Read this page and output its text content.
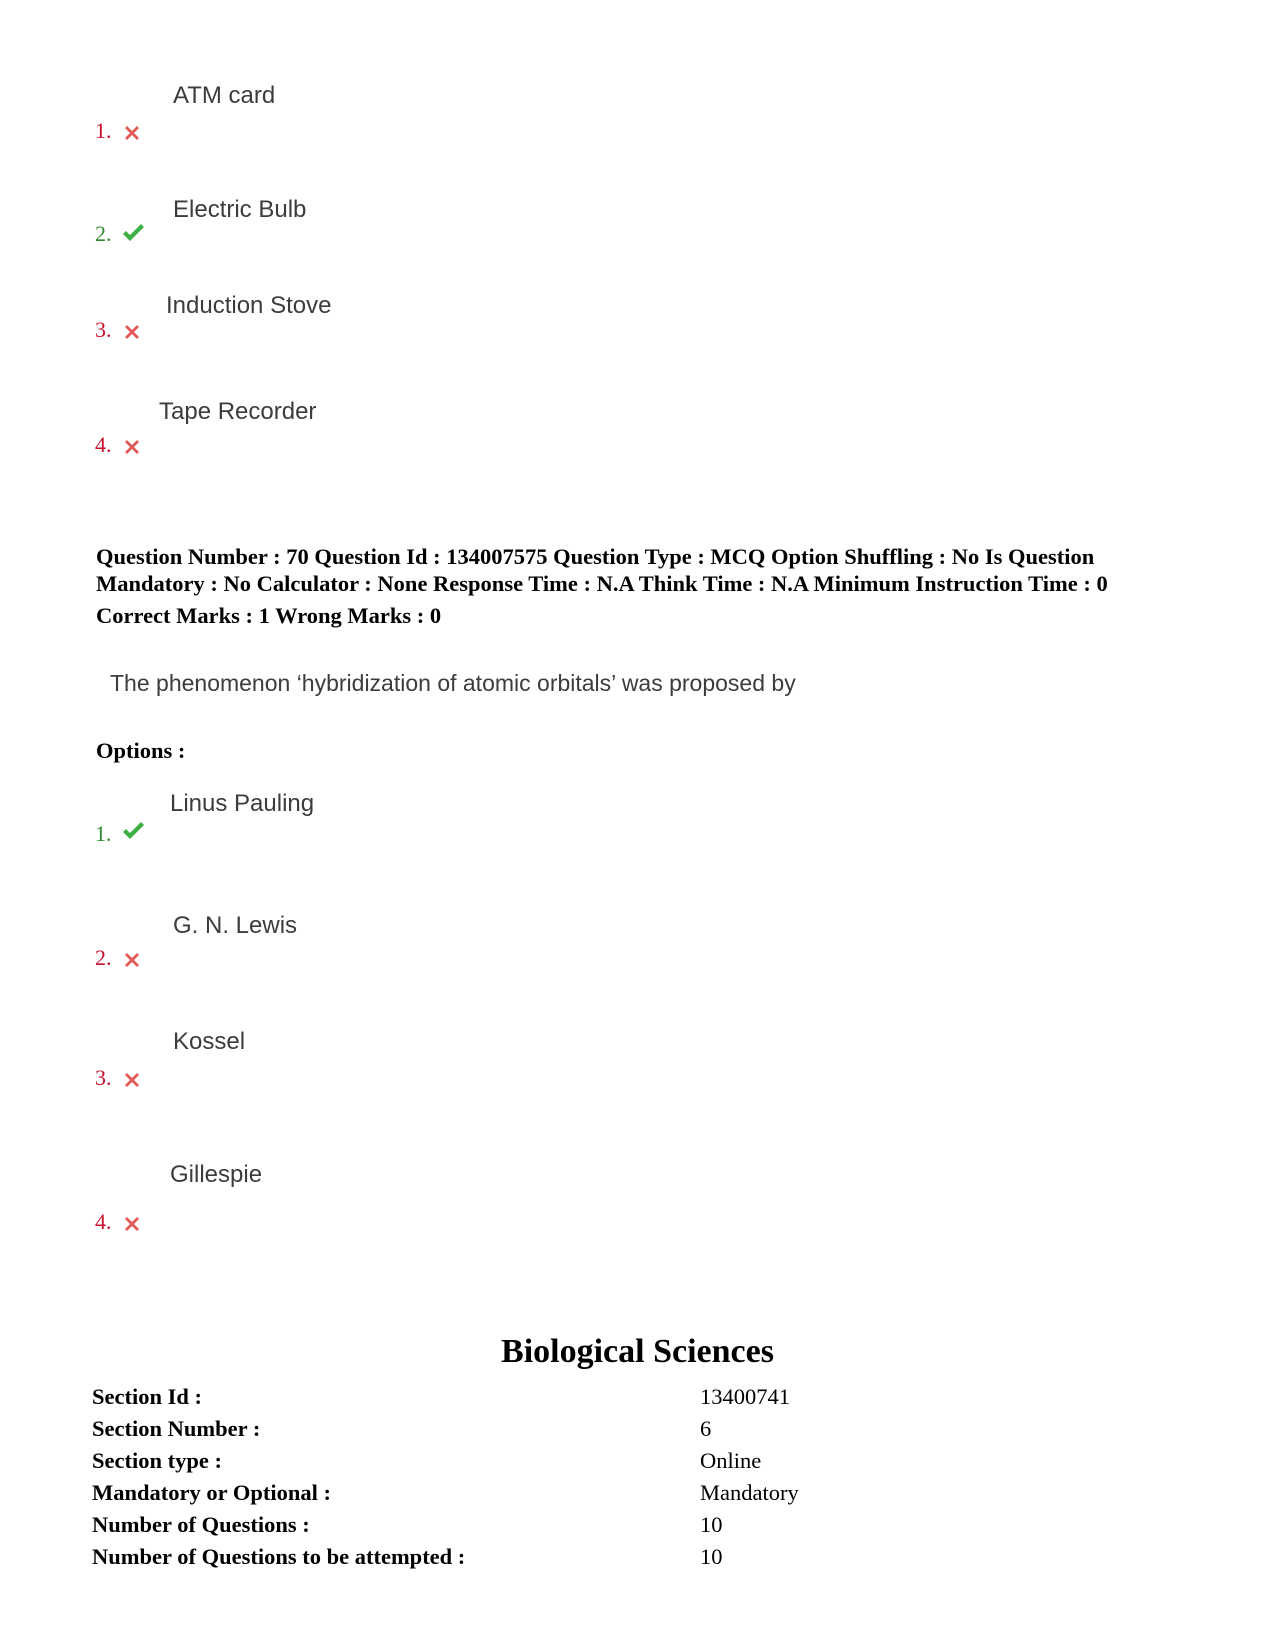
ATM card
1.
Electric Bulb
2.
Induction Stove
3.
Tape Recorder
4.
Question Number : 70 Question Id : 134007575 Question Type : MCQ Option Shuffling : No Is Question
Mandatory : No Calculator : None Response Time : N.A Think Time : N.A Minimum Instruction Time : 0
Correct Marks : 1 Wrong Marks : 0
The phenomenon ‘hybridization of atomic orbitals’ was proposed by
Options :
Linus Pauling
1.
G. N. Lewis
2.
Kossel
3.
Gillespie
4.
Biological Sciences
Section Id :	13400741
Section Number :	6
Section type :	Online
Mandatory or Optional :	Mandatory
Number of Questions :	10
Number of Questions to be attempted :	10
